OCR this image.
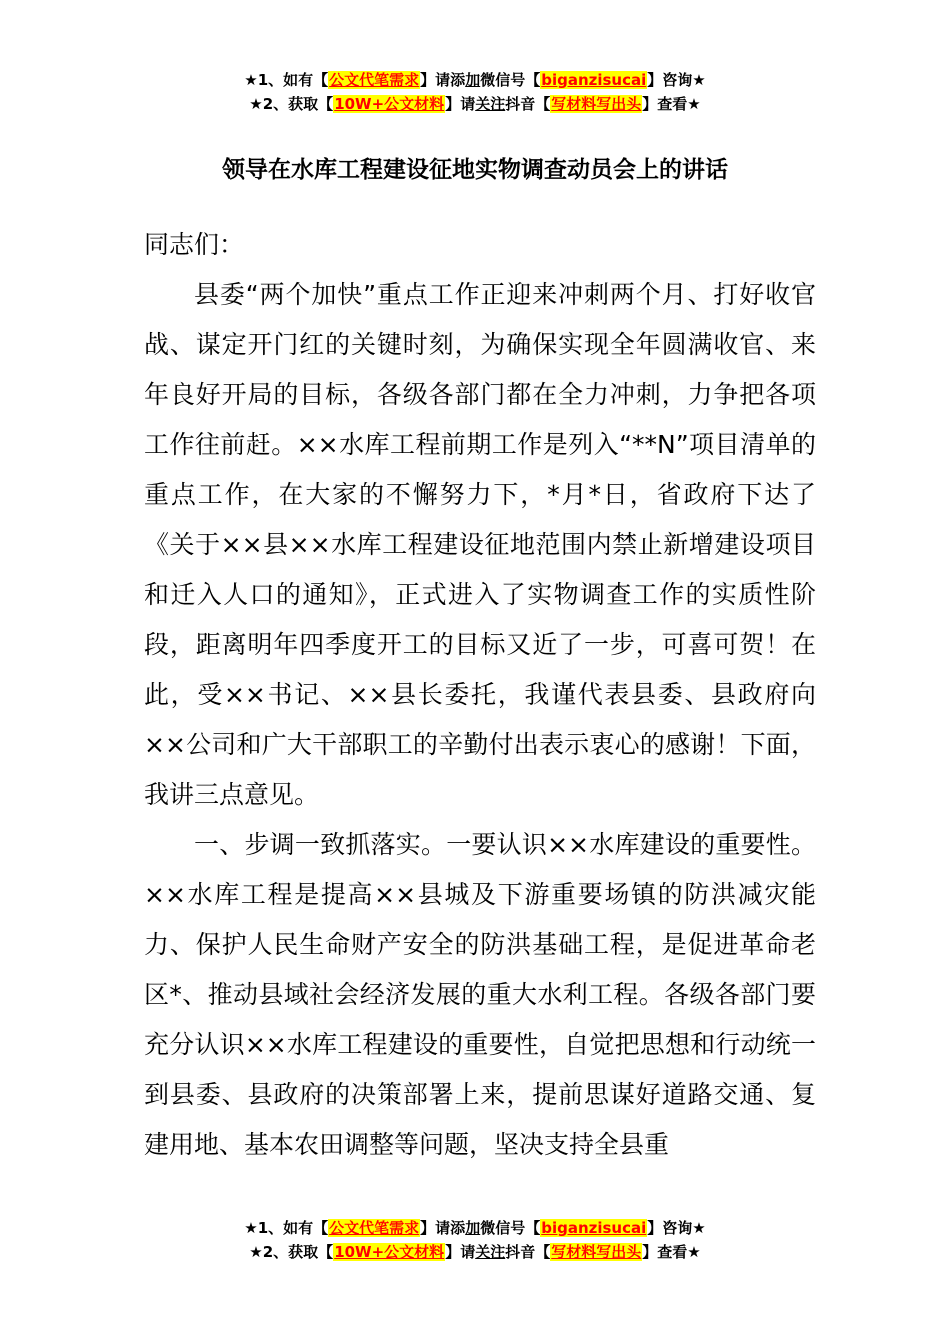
★1、如有【公文代笔需求】请添加微信号【biganzisucai】咨询★
★2、获取【10W+公文材料】请关注抖音【写材料写出头】查看★
领导在水库工程建设征地实物调查动员会上的讲话

同志们：

县委“两个加快”重点工作正迎来冲刺两个月、打好收官战、谋定开门红的关键时刻，为确保实现全年圆满收官、来年良好开局的目标，各级各部门都在全力冲刺，力争把各项工作往前赶。××水库工程前期工作是列入“**N”项目清单的重点工作，在大家的不懈努力下，*月*日，省政府下达了《关于××县××水库工程建设征地范围内禁止新增建设项目和迁入人口的通知》，正式进入了实物调查工作的实质性阶段，距离明年四季度开工的目标又近了一步，可喜可贺！在此，受××书记、××县长委托，我谨代表县委、县政府向××公司和广大干部职工的辛勤付出表示衷心的感谢！下面，我讲三点意见。

一、步调一致抓落实。一要认识××水库建设的重要性。××水库工程是提高××县城及下游重要场镇的防洪减灾能力、保护人民生命财产安全的防洪基础工程，是促进革命老区*、推动县域社会经济发展的重大水利工程。各级各部门要充分认识××水库工程建设的重要性，自觉把思想和行动统一到县委、县政府的决策部署上来，提前思谋好道路交通、复建用地、基本农田调整等问题，坚决支持全县重

★1、如有【公文代笔需求】请添加微信号【biganzisucai】咨询★
★2、获取【10W+公文材料】请关注抖音【写材料写出头】查看★
